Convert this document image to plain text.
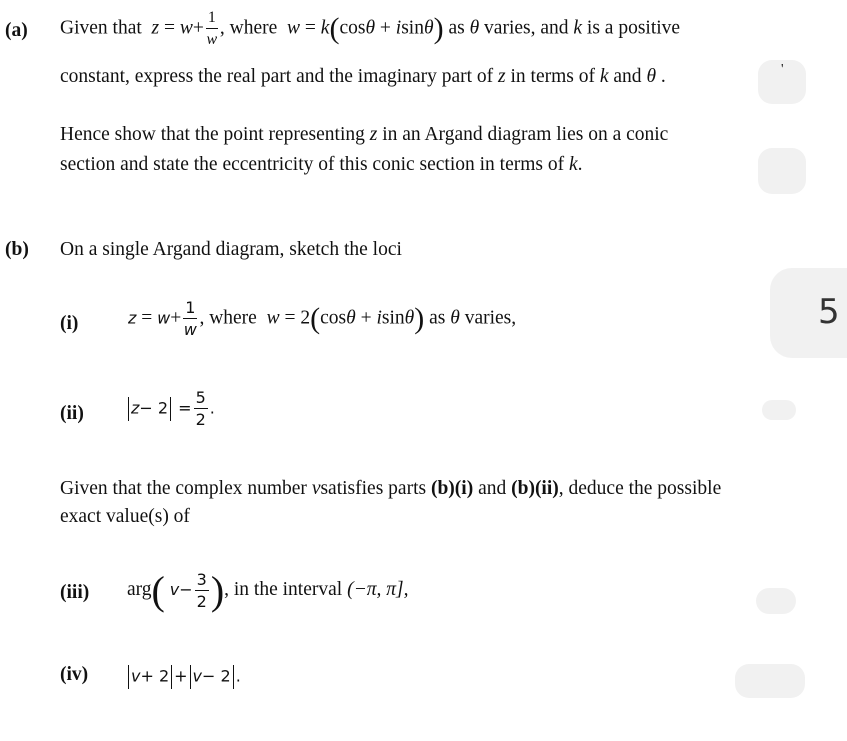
(a) Given that $z = w+ \frac{1}{w}$ , where w = k(cosθ + isinθ) as θ varies, and k is a positive
constant, express the real part and the imaginary part of z in terms of k and θ .	'
Hence show that the point representing z in an Argand diagram lies on a conic
section and state the eccentricity of this conic section in terms of k.
(b) On a single Argand diagram, sketch the loci
(i)	$z = w+ \frac{1}{w}$ , where w = 2(cosθ + isinθ) as θ varies,	5
(ii)	$z- 2 = \frac{5}{2}$ .
Given that the complex number vsatisfies parts (b)(i) and (b)(ii), deduce the possible
exact value(s) of
(iii) arg( $v- \frac{3}{2}$ ), in the interval (−π, π],
(iv)	v+ 2 + v− 2 .
